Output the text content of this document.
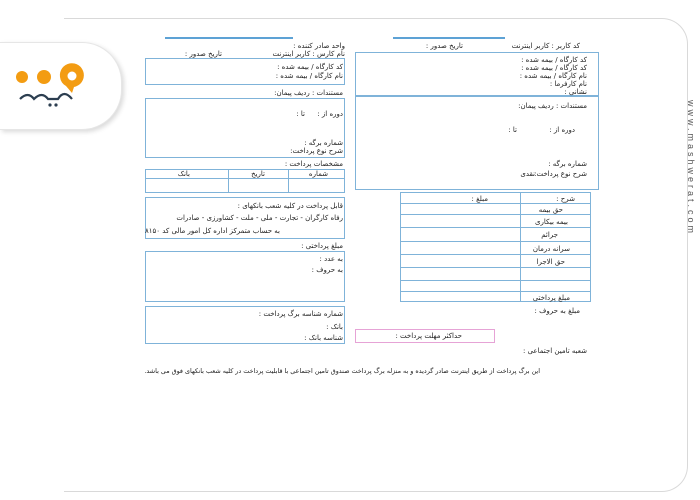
www.mashwerat.com
واحد صادر کننده :
نام کارس : کاربر اینترنت
تاریخ صدور :
کد کارگاه / بیمه شده :
نام کارگاه / بیمه شده :
مستندات : ردیف پیمان:
دوره از :
تا :
شماره برگه :
شرح نوع پرداخت:
مشخصات پرداخت :
شماره
تاریخ
بانک
قابل پرداخت در کلیه شعب بانکهای :
رفاه کارگران - تجارت - ملی - ملت - کشاورزی - صادرات
به حساب متمرکز اداره کل امور مالی کد ۸۱۵۰
مبلغ پرداختی :
به عدد :
به حروف :
شماره شناسه برگ پرداخت :
بانک :
شناسه بانک :
کد کاربر : کاربر اینترنت
تاریخ صدور :
کد کارگاه / بیمه شده :
کد کارگاه / بیمه شده :
نام کارگاه / بیمه شده :
نام کارفرما :
نشانی :
مستندات : ردیف پیمان:
دوره از :
تا :
شماره برگه :
شرح نوع پرداخت:
نقدی
شرح :
مبلغ :
حق بیمه
بیمه بیکاری
جرائم
سرانه درمان
حق الاجرا
مبلغ پرداختی
مبلغ به حروف :
حداکثر مهلت پرداخت :
شعبه تامین اجتماعی :
این برگ پرداخت از طریق اینترنت صادر گردیده و به منزله برگ پرداخت صندوق تامین اجتماعی با قابلیت پرداخت در کلیه شعب بانکهای فوق می باشد.
